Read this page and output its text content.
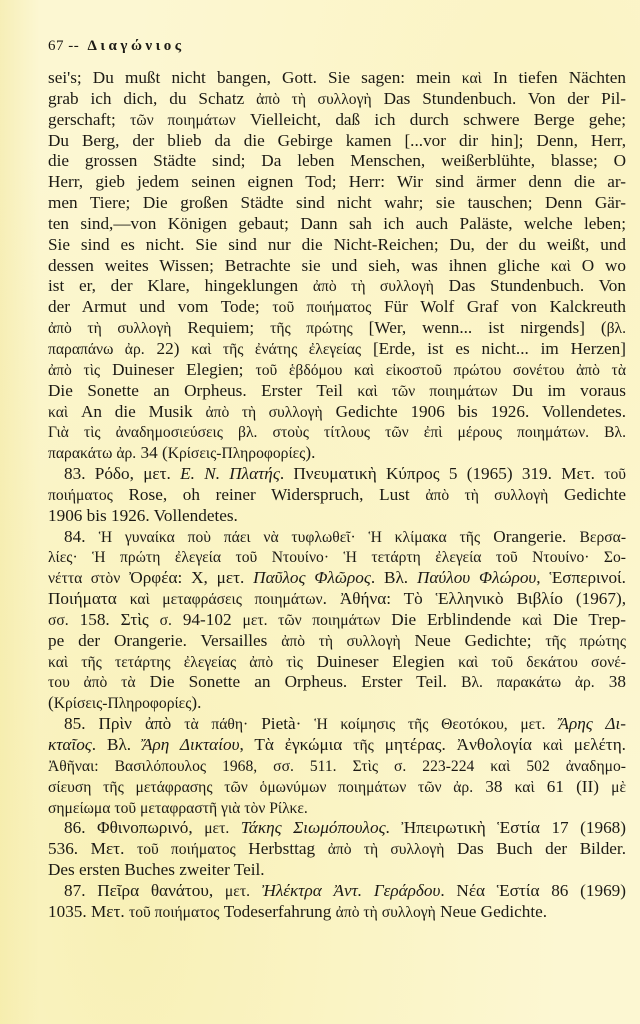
67 -- Διαγώνιος
sei's; Du mußt nicht bangen, Gott. Sie sagen: mein καὶ In tiefen Nächten
grab ich dich, du Schatz ἀπὸ τὴ συλλογὴ Das Stundenbuch. Von der Pil-
gerschaft; τῶν ποιημάτων Vielleicht, daß ich durch schwere Berge gehe;
Du Berg, der blieb da die Gebirge kamen [...vor dir hin]; Denn, Herr,
die grossen Städte sind; Da leben Menschen, weißerblühte, blasse; O
Herr, gieb jedem seinen eignen Tod; Herr: Wir sind ärmer denn die ar-
men Tiere; Die großen Städte sind nicht wahr; sie tauschen; Denn Gär-
ten sind,—von Königen gebaut; Dann sah ich auch Paläste, welche leben;
Sie sind es nicht. Sie sind nur die Nicht-Reichen; Du, der du weißt, und
dessen weites Wissen; Betrachte sie und sieh, was ihnen gliche καὶ O wo
ist er, der Klare, hingeklungen ἀπὸ τὴ συλλογὴ Das Stundenbuch. Von
der Armut und vom Tode; τοῦ ποιήματος Für Wolf Graf von Kalckreuth
ἀπὸ τὴ συλλογὴ Requiem; τῆς πρώτης [Wer, wenn... ist nirgends] (βλ.
παραπάνω ἀρ. 22) καὶ τῆς ἐνάτης ἐλεγείας [Erde, ist es nicht... im Herzen]
ἀπὸ τὶς Duineser Elegien; τοῦ ἑβδόμου καὶ εἰκοστοῦ πρώτου σονέτου ἀπὸ τὰ
Die Sonette an Orpheus. Erster Teil καὶ τῶν ποιημάτων Du im voraus
καὶ An die Musik ἀπὸ τὴ συλλογὴ Gedichte 1906 bis 1926. Vollendetes.
Γιὰ τὶς ἀναδημοσιεύσεις βλ. στοὺς τίτλους τῶν ἐπὶ μέρους ποιημάτων. Βλ.
παρακάτω ἀρ. 34 (Κρίσεις-Πληροφορίες).
83. Ρόδο, μετ. Ε. Ν. Πλατής. Πνευματικὴ Κύπρος 5 (1965) 319. Μετ. τοῦ
ποιήματος Rose, oh reiner Widerspruch, Lust ἀπὸ τὴ συλλογὴ Gedichte
1906 bis 1926. Vollendetes.
84. Ἡ γυναίκα ποὺ πάει νὰ τυφλωθεῖ· Ἡ κλίμακα τῆς Orangerie. Βερσα-
λίες· Ἡ πρώτη ἐλεγεία τοῦ Ντουίνο· Ἡ τετάρτη ἐλεγεία τοῦ Ντουίνο· Σο-
νέττα στὸν Ὀρφέα: X, μετ. Παῦλος Φλῶρος. Βλ. Παύλου Φλώρου, Ἑσπερινοί.
Ποιήματα καὶ μεταφράσεις ποιημάτων. Ἀθήνα: Τὸ Ἑλληνικὸ Βιβλίο (1967),
σσ. 158. Στὶς σ. 94-102 μετ. τῶν ποιημάτων Die Erblindende καὶ Die Trep-
pe der Orangerie. Versailles ἀπὸ τὴ συλλογὴ Neue Gedichte; τῆς πρώτης
καὶ τῆς τετάρτης ἐλεγείας ἀπὸ τὶς Duineser Elegien καὶ τοῦ δεκάτου σονέ-
του ἀπὸ τὰ Die Sonette an Orpheus. Erster Teil. Βλ. παρακάτω ἀρ. 38
(Κρίσεις-Πληροφορίες).
85. Πρὶν ἀπὸ τὰ πάθη· Pietà· Ἡ κοίμησις τῆς Θεοτόκου, μετ. Ἄρης Δι-
κταῖος. Βλ. Ἄρη Δικταίου, Τὰ ἐγκώμια τῆς μητέρας. Ἀνθολογία καὶ μελέτη.
Ἀθῆναι: Βασιλόπουλος 1968, σσ. 511. Στὶς σ. 223-224 καὶ 502 ἀναδημο-
σίευση τῆς μετάφρασης τῶν ὁμωνύμων ποιημάτων τῶν ἀρ. 38 καὶ 61 (II) μὲ
σημείωμα τοῦ μεταφραστῆ γιὰ τὸν Ρίλκε.
86. Φθινοπωρινό, μετ. Τάκης Σιωμόπουλος. Ἠπειρωτικὴ Ἑστία 17 (1968)
536. Μετ. τοῦ ποιήματος Herbsttag ἀπὸ τὴ συλλογὴ Das Buch der Bilder.
Des ersten Buches zweiter Teil.
87. Πεῖρα θανάτου, μετ. Ἠλέκτρα Ἀντ. Γεράρδου. Νέα Ἑστία 86 (1969)
1035. Μετ. τοῦ ποιήματος Todeserfahrung ἀπὸ τὴ συλλογὴ Neue Gedichte.
